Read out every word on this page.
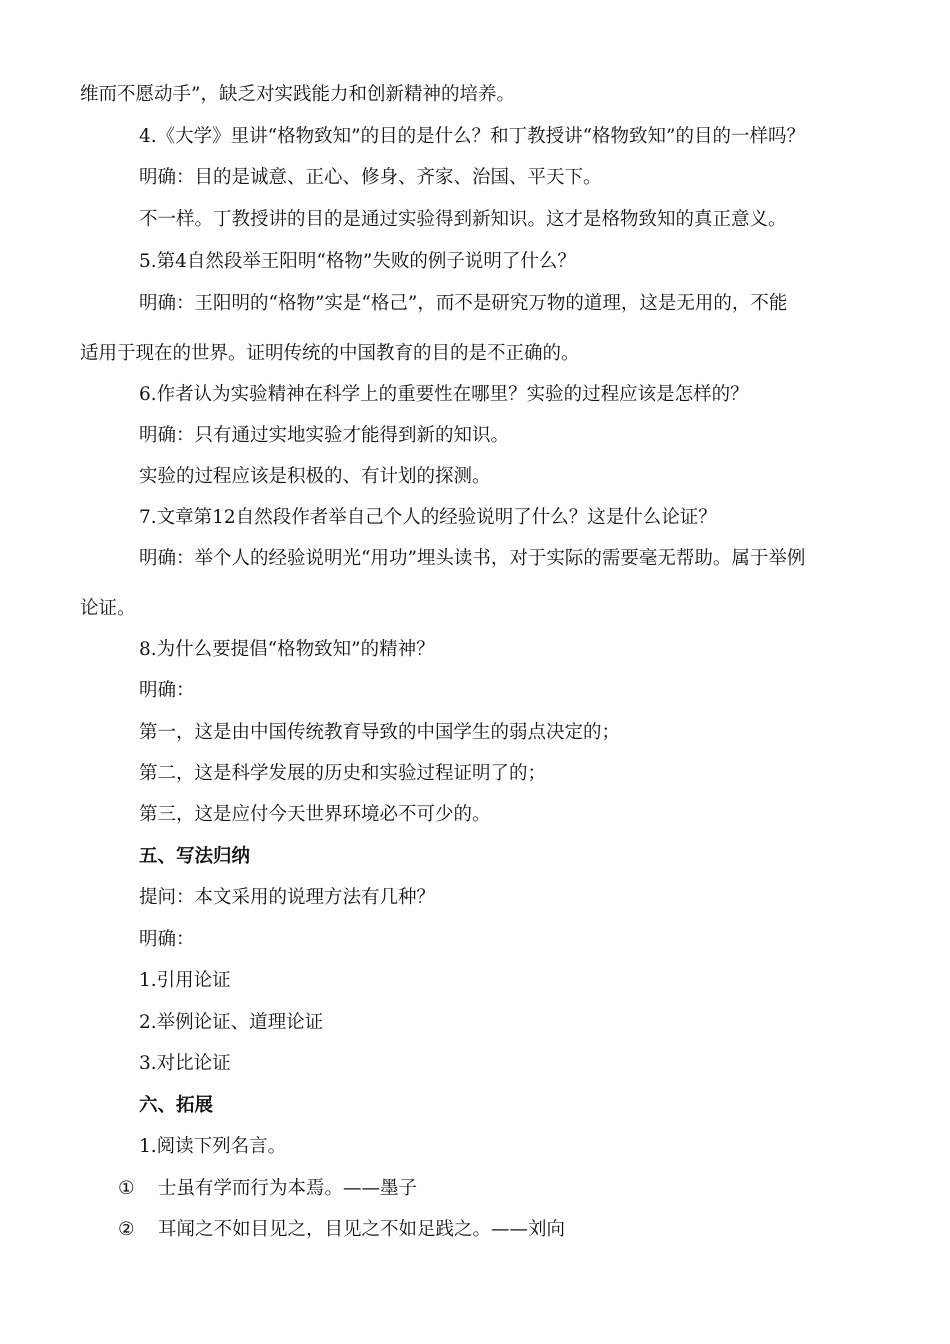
维而不愿动手”，缺乏对实践能力和创新精神的培养。
4.《大学》里讲“格物致知”的目的是什么？和丁教授讲“格物致知”的目的一样吗？
明确：目的是诚意、正心、修身、齐家、治国、平天下。
不一样。丁教授讲的目的是通过实验得到新知识。这才是格物致知的真正意义。
5.第4自然段举王阳明“格物”失败的例子说明了什么？
明确：王阳明的“格物”实是“格己”，而不是研究万物的道理，这是无用的，不能
适用于现在的世界。证明传统的中国教育的目的是不正确的。
6.作者认为实验精神在科学上的重要性在哪里？实验的过程应该是怎样的？
明确：只有通过实地实验才能得到新的知识。
实验的过程应该是积极的、有计划的探测。
7.文章第12自然段作者举自己个人的经验说明了什么？这是什么论证？
明确：举个人的经验说明光“用功”埋头读书，对于实际的需要毫无帮助。属于举例
论证。
8.为什么要提倡“格物致知”的精神？
明确：
第一，这是由中国传统教育导致的中国学生的弱点决定的；
第二，这是科学发展的历史和实验过程证明了的；
第三，这是应付今天世界环境必不可少的。
五、写法归纳
提问：本文采用的说理方法有几种？
明确：
1.引用论证
2.举例论证、道理论证
3.对比论证
六、拓展
1.阅读下列名言。
① 士虽有学而行为本焉。——墨子
② 耳闻之不如目见之，目见之不如足践之。——刘向
